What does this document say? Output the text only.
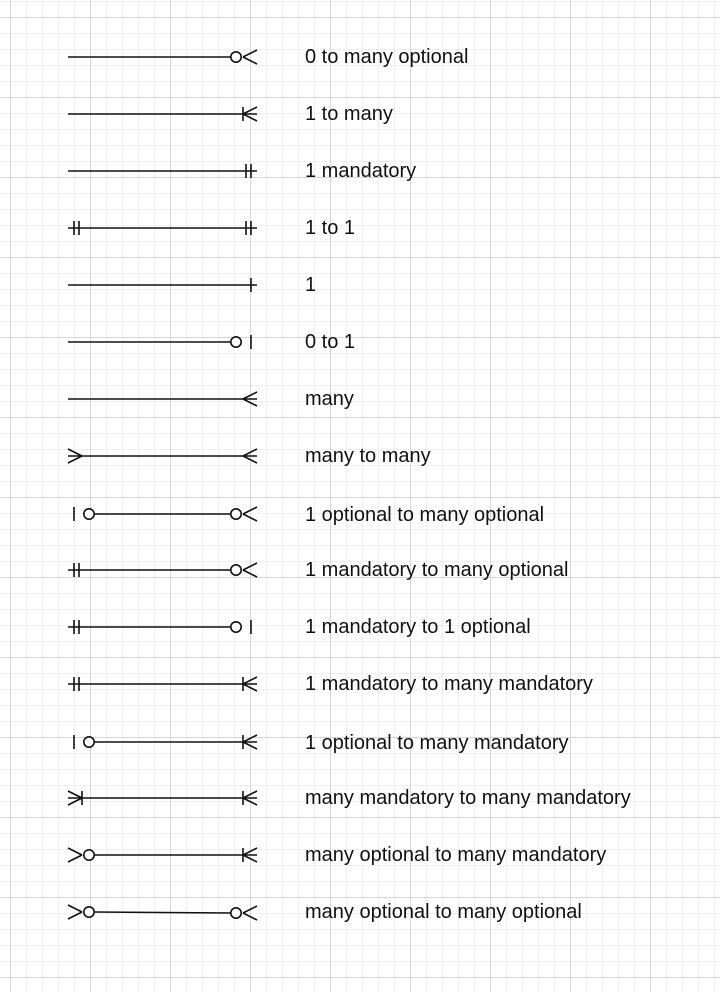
0 to many optional
1 to many
1 mandatory
1 to 1
1
0 to 1
many
many to many
1 optional to many optional
1 mandatory to many optional
1 mandatory to 1 optional
1 mandatory to many mandatory
1 optional to many mandatory
many mandatory to many mandatory
many optional to many mandatory
many optional to many optional
